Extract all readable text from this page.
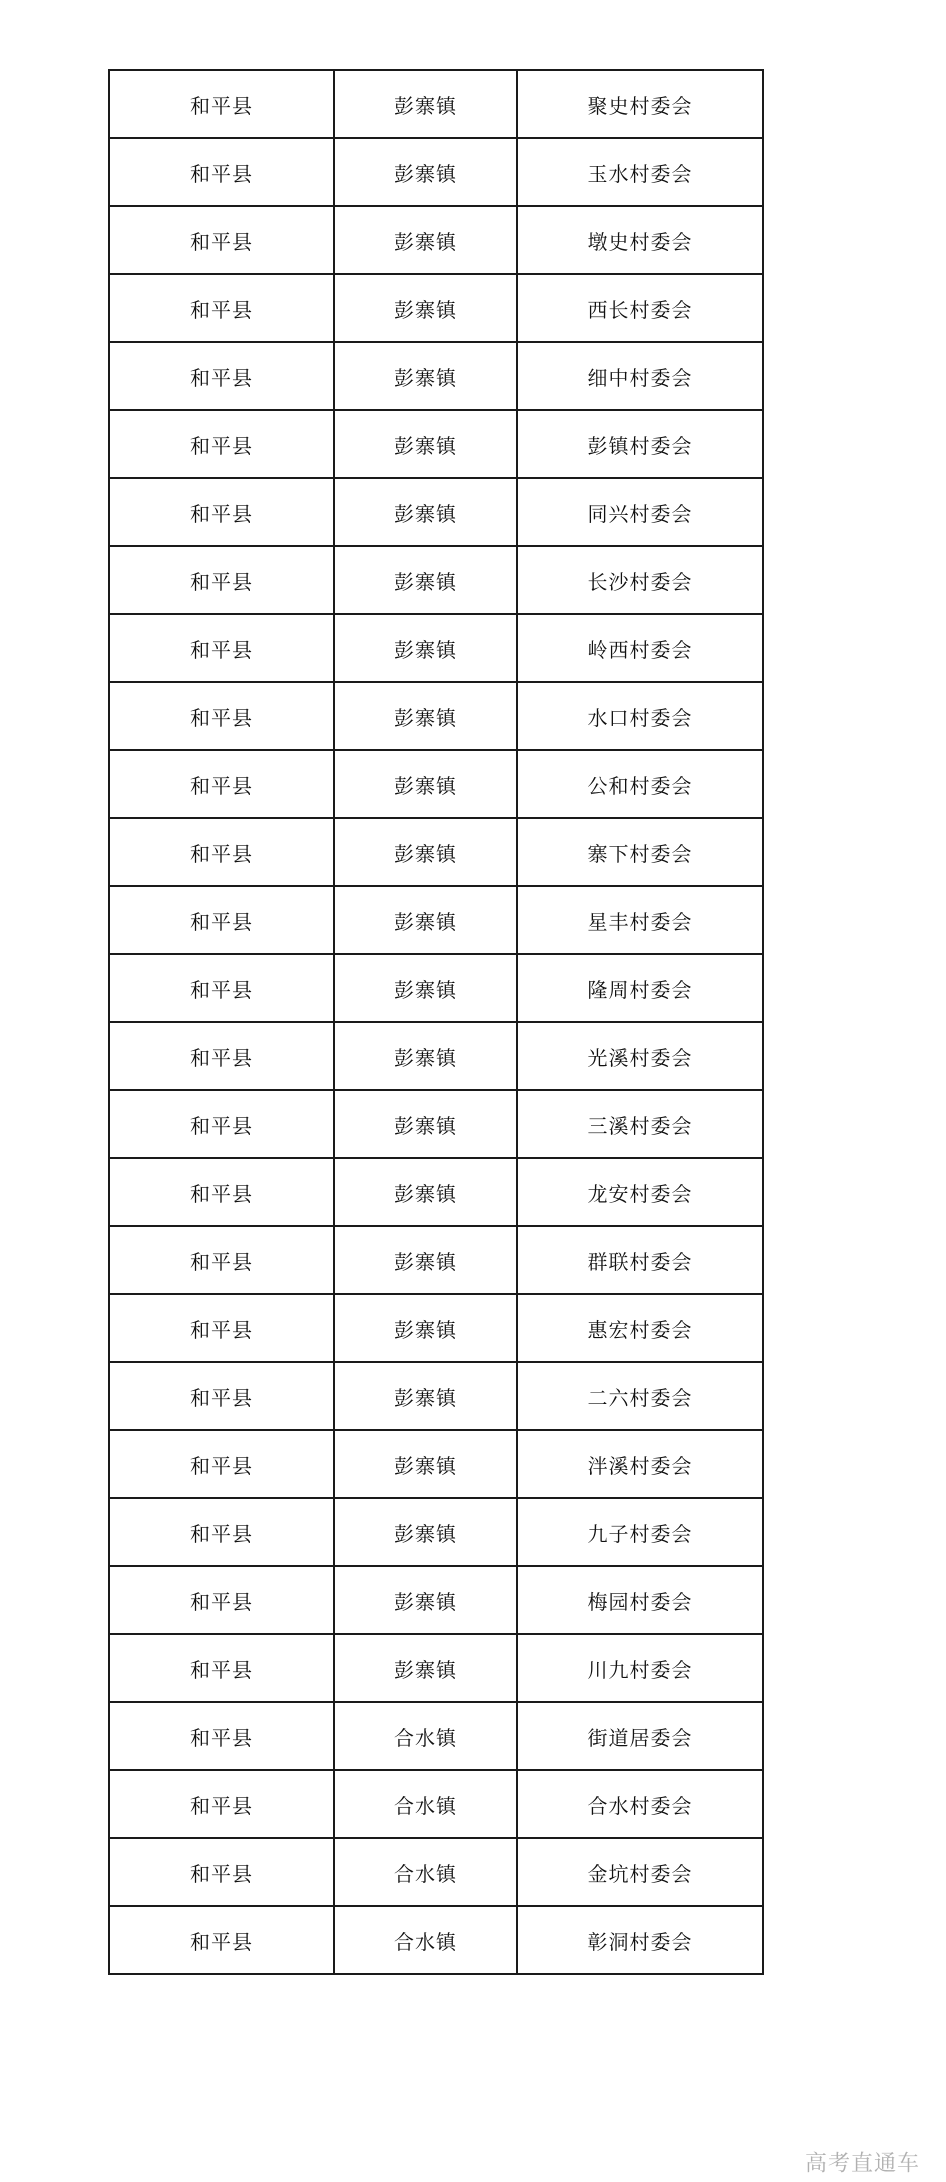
和平县	彭寨镇	聚史村委会
和平县	彭寨镇	玉水村委会
和平县	彭寨镇	墩史村委会
和平县	彭寨镇	西长村委会
和平县	彭寨镇	细中村委会
和平县	彭寨镇	彭镇村委会
和平县	彭寨镇	同兴村委会
和平县	彭寨镇	长沙村委会
和平县	彭寨镇	岭西村委会
和平县	彭寨镇	水口村委会
和平县	彭寨镇	公和村委会
和平县	彭寨镇	寨下村委会
和平县	彭寨镇	星丰村委会
和平县	彭寨镇	隆周村委会
和平县	彭寨镇	光溪村委会
和平县	彭寨镇	三溪村委会
和平县	彭寨镇	龙安村委会
和平县	彭寨镇	群联村委会
和平县	彭寨镇	惠宏村委会
和平县	彭寨镇	二六村委会
和平县	彭寨镇	泮溪村委会
和平县	彭寨镇	九子村委会
和平县	彭寨镇	梅园村委会
和平县	彭寨镇	川九村委会
和平县	合水镇	街道居委会
和平县	合水镇	合水村委会
和平县	合水镇	金坑村委会
和平县	合水镇	彰洞村委会
高考直通车
